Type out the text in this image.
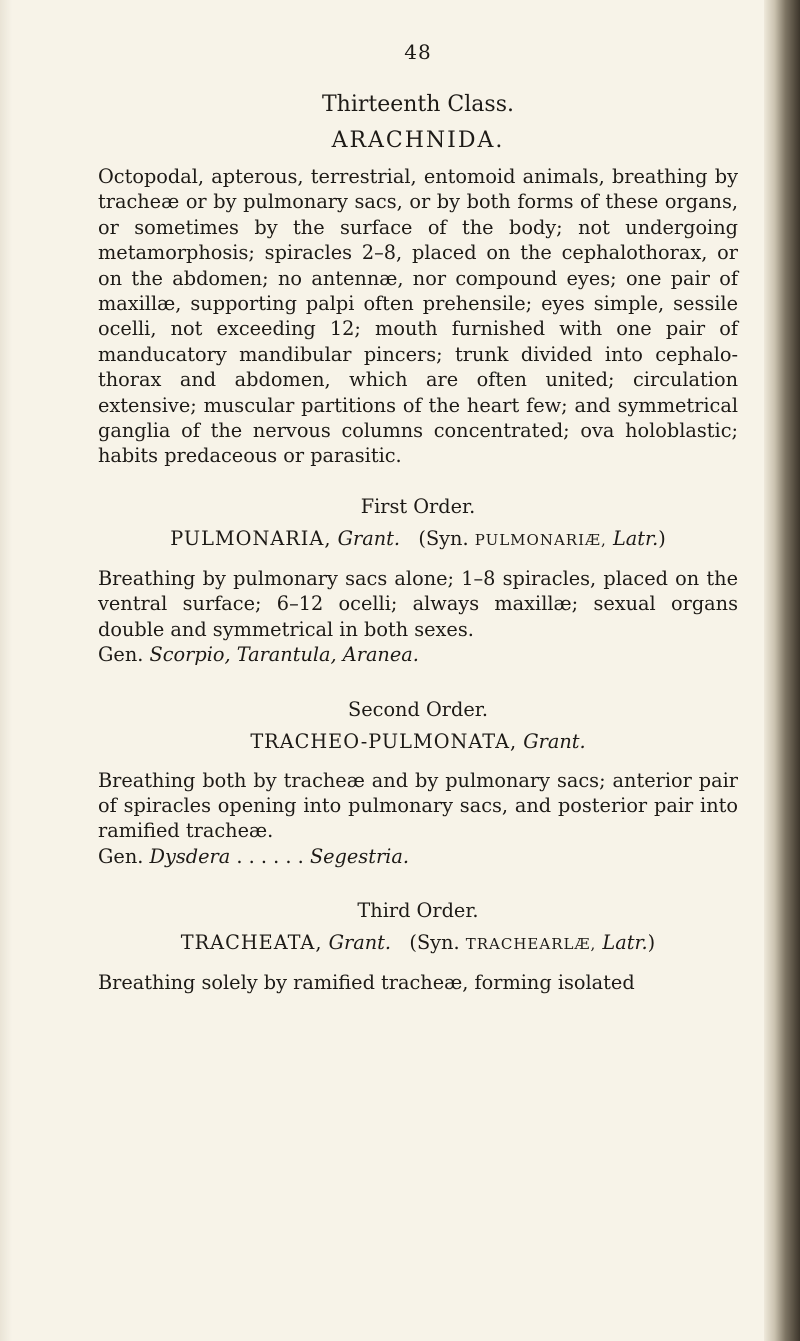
48
Thirteenth Class.
ARACHNIDA.

Octopodal, apterous, terrestrial, entomoid animals, breathing by tracheæ or by pulmonary sacs, or by both forms of these organs, or sometimes by the surface of the body; not undergoing metamorphosis; spiracles 2–8, placed on the cephalothorax, or on the abdomen; no antennæ, nor compound eyes; one pair of maxillæ, supporting palpi often prehensile; eyes simple, sessile ocelli, not exceeding 12; mouth furnished with one pair of manducatory mandibular pincers; trunk divided into cephalo-thorax and abdomen, which are often united; circulation extensive; muscular partitions of the heart few; and symmetrical ganglia of the nervous columns concentrated; ova holoblastic; habits predaceous or parasitic.

First Order.
PULMONARIA, Grant. (Syn. PULMONARIÆ, Latr.)

Breathing by pulmonary sacs alone; 1–8 spiracles, placed on the ventral surface; 6–12 ocelli; always maxillæ; sexual organs double and symmetrical in both sexes.

Gen. Scorpio, Tarantula, Aranea.

Second Order.
TRACHEO-PULMONATA, Grant.

Breathing both by tracheæ and by pulmonary sacs; anterior pair of spiracles opening into pulmonary sacs, and posterior pair into ramified tracheæ.

Gen. Dysdera . . . . . . Segestria.

Third Order.
TRACHEATA, Grant. (Syn. TRACHEARLÆ, Latr.)

Breathing solely by ramified tracheæ, forming isolated
